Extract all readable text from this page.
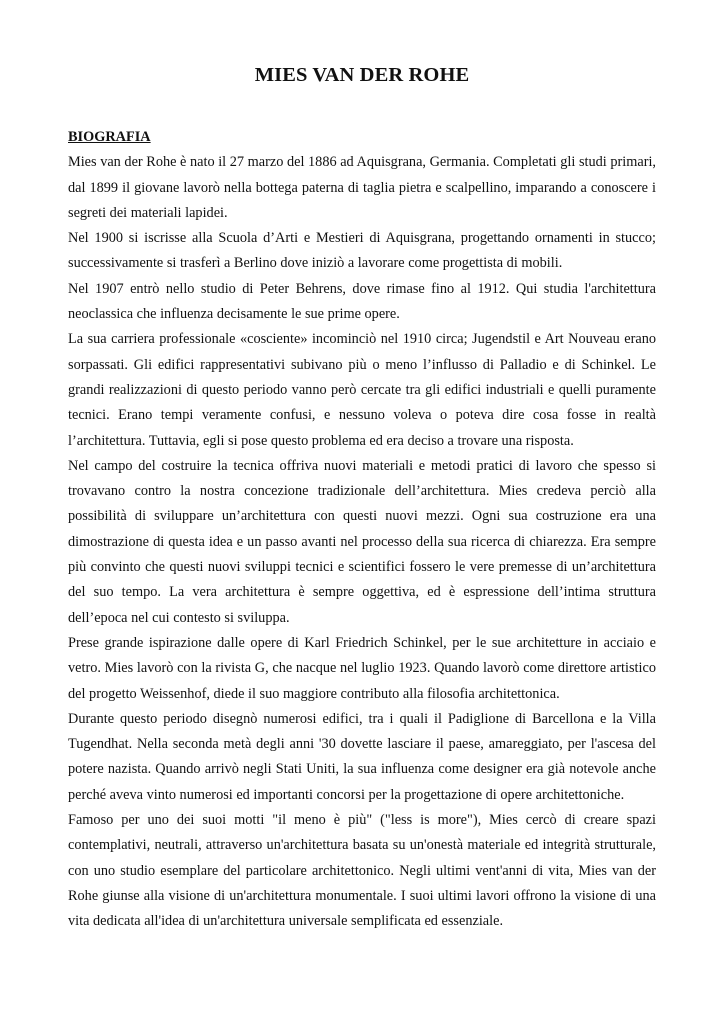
MIES VAN DER ROHE

BIOGRAFIA

Mies van der Rohe è nato il 27 marzo del 1886 ad Aquisgrana, Germania. Completati gli studi primari, dal 1899 il giovane lavorò nella bottega paterna di taglia pietra e scalpellino, imparando a conoscere i segreti dei materiali lapidei.

Nel 1900 si iscrisse alla Scuola d’Arti e Mestieri di Aquisgrana, progettando ornamenti in stucco; successivamente si trasferì a Berlino dove iniziò a lavorare come progettista di mobili.

Nel 1907 entrò nello studio di Peter Behrens, dove rimase fino al 1912. Qui studia l'architettura neoclassica che influenza decisamente le sue prime opere.

La sua carriera professionale «cosciente» incominciò nel 1910 circa; Jugendstil e Art Nouveau erano sorpassati. Gli edifici rappresentativi subivano più o meno l’influsso di Palladio e di Schinkel. Le grandi realizzazioni di questo periodo vanno però cercate tra gli edifici industriali e quelli puramente tecnici. Erano tempi veramente confusi, e nessuno voleva o poteva dire cosa fosse in realtà l’architettura. Tuttavia, egli si pose questo problema ed era deciso a trovare una risposta.

Nel campo del costruire la tecnica offriva nuovi materiali e metodi pratici di lavoro che spesso si trovavano contro la nostra concezione tradizionale dell’architettura. Mies credeva perciò alla possibilità di sviluppare un’architettura con questi nuovi mezzi. Ogni sua costruzione era una dimostrazione di questa idea e un passo avanti nel processo della sua ricerca di chiarezza. Era sempre più convinto che questi nuovi sviluppi tecnici e scientifici fossero le vere premesse di un’architettura del suo tempo. La vera architettura è sempre oggettiva, ed è espressione dell’intima struttura dell’epoca nel cui contesto si sviluppa.

Prese grande ispirazione dalle opere di Karl Friedrich Schinkel, per le sue architetture in acciaio e vetro. Mies lavorò con la rivista G, che nacque nel luglio 1923. Quando lavorò come direttore artistico del progetto Weissenhof, diede il suo maggiore contributo alla filosofia architettonica.

Durante questo periodo disegnò numerosi edifici, tra i quali il Padiglione di Barcellona e la Villa Tugendhat. Nella seconda metà degli anni '30 dovette lasciare il paese, amareggiato, per l'ascesa del potere nazista. Quando arrivò negli Stati Uniti, la sua influenza come designer era già notevole anche perché aveva vinto numerosi ed importanti concorsi per la progettazione di opere architettoniche.

Famoso per uno dei suoi motti "il meno è più" ("less is more"), Mies cercò di creare spazi contemplativi, neutrali, attraverso un'architettura basata su un'onestà materiale ed integrità strutturale, con uno studio esemplare del particolare architettonico. Negli ultimi vent'anni di vita, Mies van der Rohe giunse alla visione di un'architettura monumentale. I suoi ultimi lavori offrono la visione di una vita dedicata all'idea di un'architettura universale semplificata ed essenziale.
